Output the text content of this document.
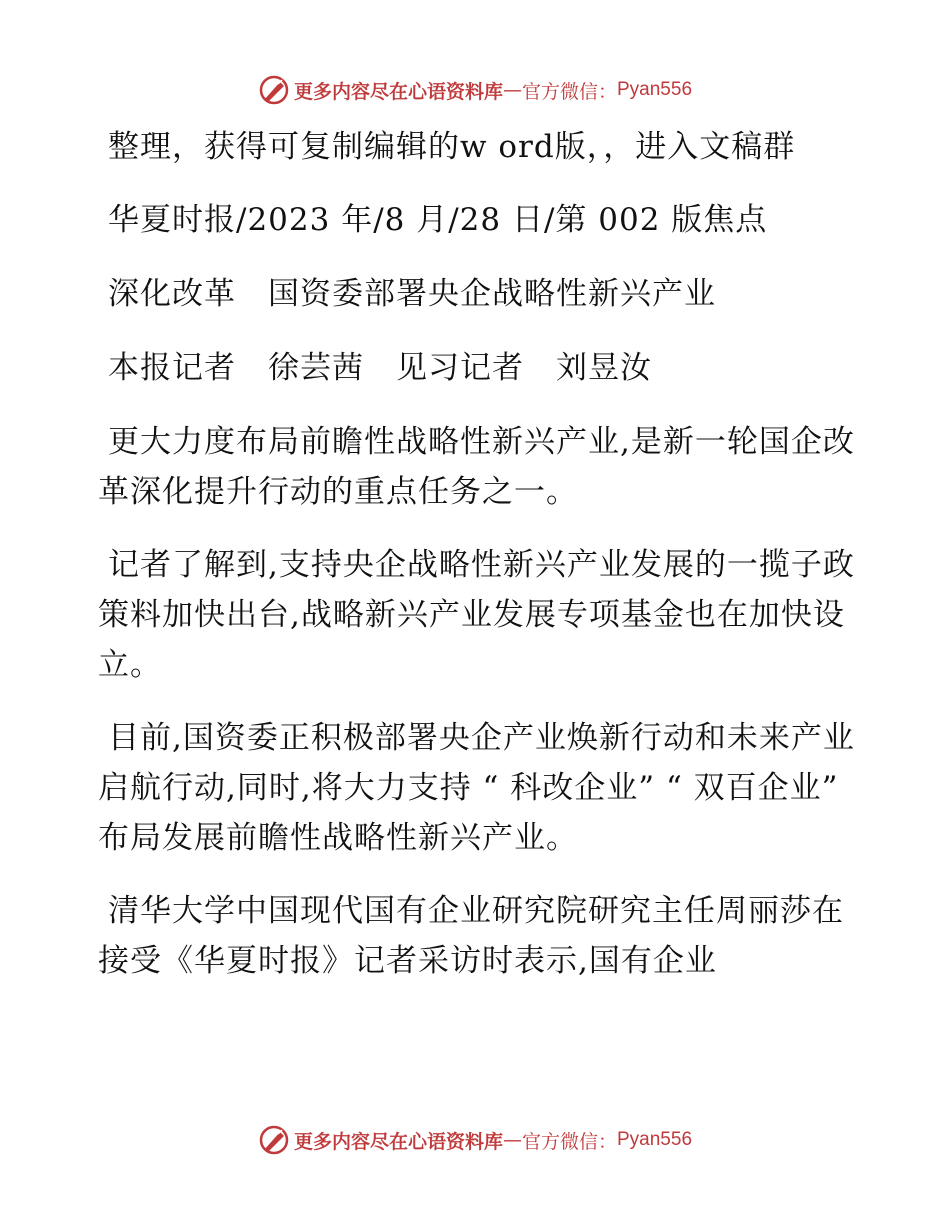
更多内容尽在心语资料库 — 官方微信： Pyan556

整理，获得可复制编辑的w ord版，，进入文稿群

华夏时报/2023 年/8 月/28 日/第 002 版焦点

深化改革　国资委部署央企战略性新兴产业

本报记者　徐芸茜　见习记者　刘昱汝

更大力度布局前瞻性战略性新兴产业,是新一轮国企改革深化提升行动的重点任务之一。

记者了解到,支持央企战略性新兴产业发展的一揽子政策料加快出台,战略新兴产业发展专项基金也在加快设立。

目前,国资委正积极部署央企产业焕新行动和未来产业启航行动,同时,将大力支持 “ 科改企业” “ 双百企业” 布局发展前瞻性战略性新兴产业。

清华大学中国现代国有企业研究院研究主任周丽莎在接受《华夏时报》记者采访时表示,国有企业

更多内容尽在心语资料库 — 官方微信： Pyan556
